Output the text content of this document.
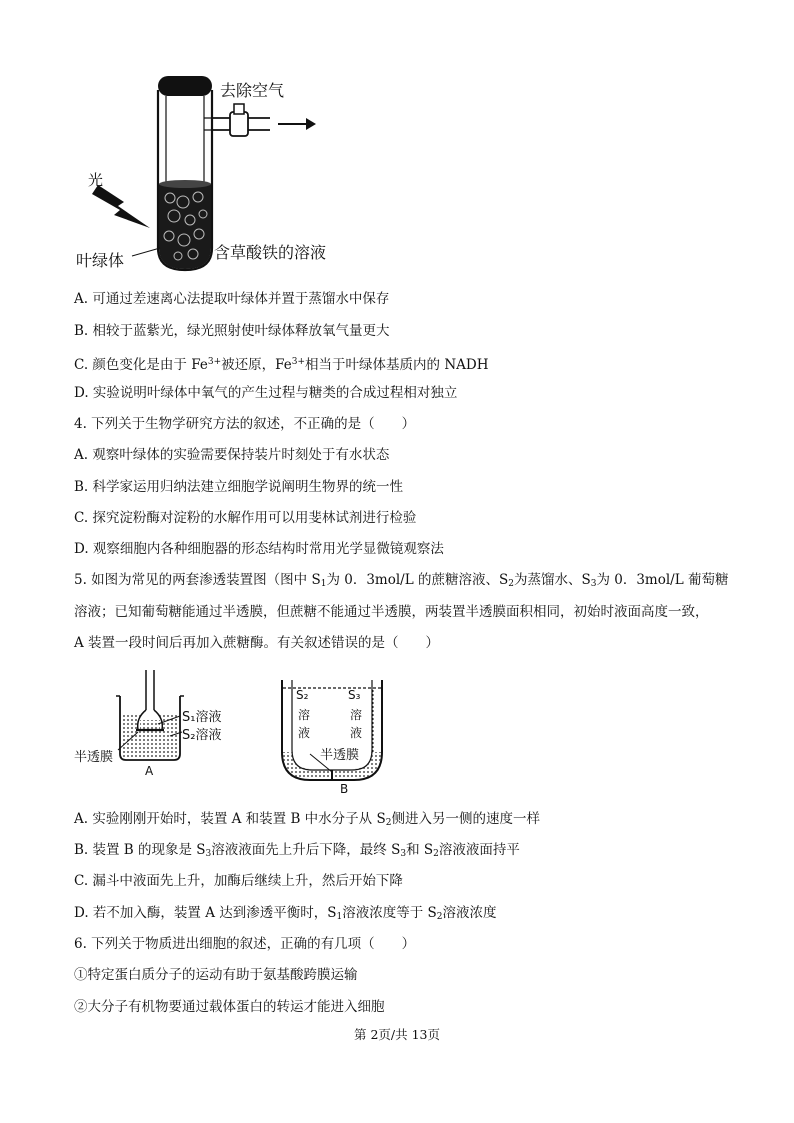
去除空气
光
叶绿体	含草酸铁的溶液
A. 可通过差速离心法提取叶绿体并置于蒸馏水中保存
B. 相较于蓝紫光，绿光照射使叶绿体释放氧气量更大
C. 颜色变化是由于 $Fe^{3+}$被还原，$Fe^{3+}$相当于叶绿体基质内的 NADH
D. 实验说明叶绿体中氧气的产生过程与糖类的合成过程相对独立
4. 下列关于生物学研究方法的叙述，不正确的是（　　）
A. 观察叶绿体的实验需要保持装片时刻处于有水状态
B. 科学家运用归纳法建立细胞学说阐明生物界的统一性
C. 探究淀粉酶对淀粉的水解作用可以用斐林试剂进行检验
D. 观察细胞内各种细胞器的形态结构时常用光学显微镜观察法
5. 如图为常见的两套渗透装置图（图中 $S_1$为 0．3mol/L 的蔗糖溶液、$S_2$为蒸馏水、$S_3$为 0．3mol/L 葡萄糖
溶液；已知葡萄糖能通过半透膜，但蔗糖不能通过半透膜，两装置半透膜面积相同，初始时液面高度一致，
A 装置一段时间后再加入蔗糖酶。有关叙述错误的是（　　）
S₁溶液
S₂溶液
半透膜
A
S₂
溶
液
S₃
溶
液
半透膜
B
A. 实验刚刚开始时，装置 A 和装置 B 中水分子从 $S_2$侧进入另一侧的速度一样
B. 装置 B 的现象是 $S_3$溶液液面先上升后下降，最终 $S_3$和 $S_2$溶液液面持平
C. 漏斗中液面先上升，加酶后继续上升，然后开始下降
D. 若不加入酶，装置 A 达到渗透平衡时，$S_1$溶液浓度等于 $S_2$溶液浓度
6. 下列关于物质进出细胞的叙述，正确的有几项（　　）
①特定蛋白质分子的运动有助于氨基酸跨膜运输
②大分子有机物要通过载体蛋白的转运才能进入细胞
第 2页/共 13页
